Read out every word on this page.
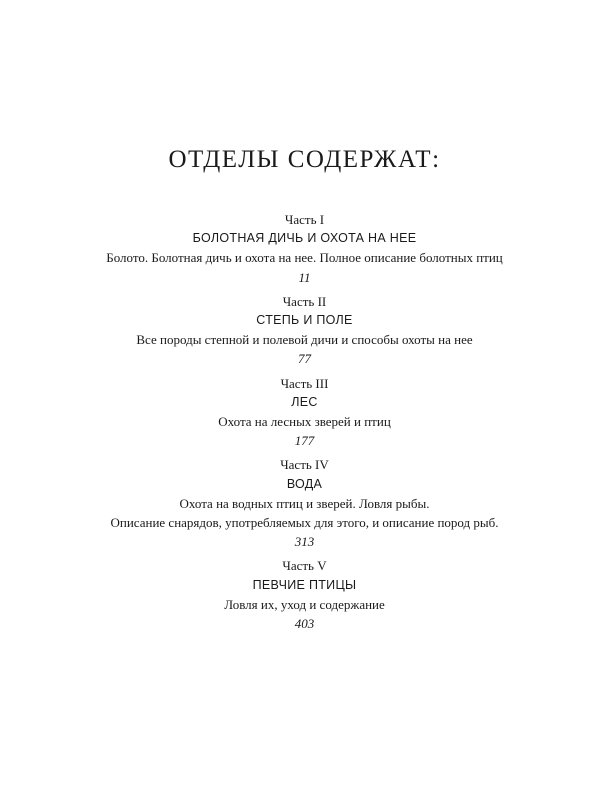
ОТДЕЛЫ СОДЕРЖАТ:
Часть I
БОЛОТНАЯ ДИЧЬ И ОХОТА НА НЕЕ
Болото. Болотная дичь и охота на нее. Полное описание болотных птиц
11
Часть II
СТЕПЬ И ПОЛЕ
Все породы степной и полевой дичи и способы охоты на нее
77
Часть III
ЛЕС
Охота на лесных зверей и птиц
177
Часть IV
ВОДА
Охота на водных птиц и зверей. Ловля рыбы.
Описание снарядов, употребляемых для этого, и описание пород рыб.
313
Часть V
ПЕВЧИЕ ПТИЦЫ
Ловля их, уход и содержание
403
